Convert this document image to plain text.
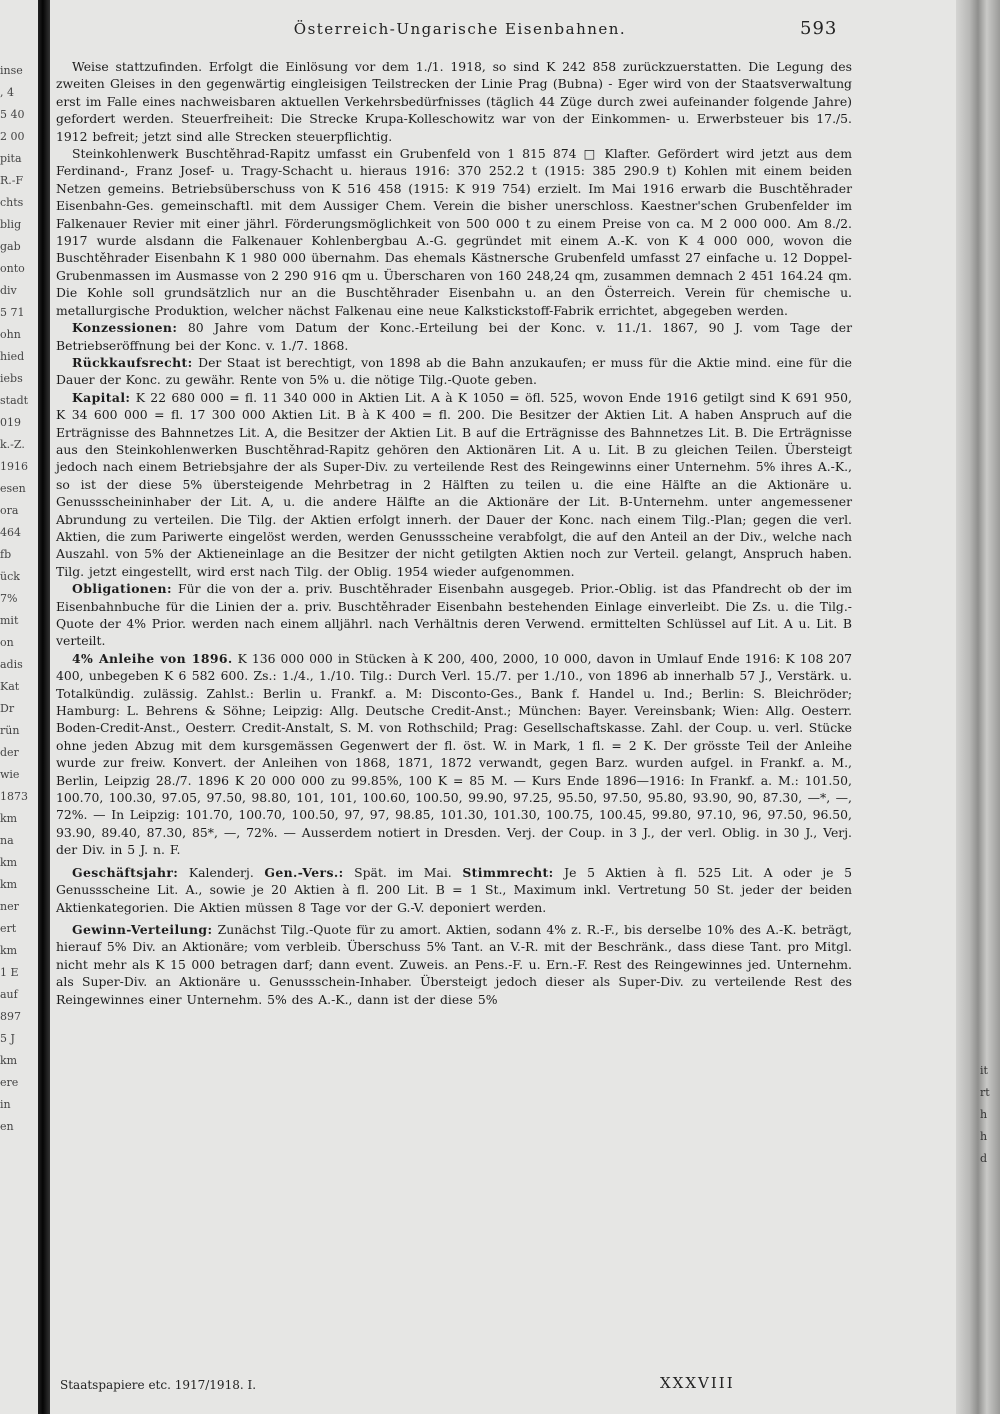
inse
, 4
5 40
2 00
pita
R.-F
chts
blig
gab
onto
div
5 71
ohn
hied
iebs
stadt
019
k.-Z.
1916
esen
ora
464
fb
ück
7%
mit
on
adis
Kat
Dr
rün
der
wie
1873
km
na
km
km
ner
ert
km
1 E
auf
897
5 J
km
ere
in
en
it
rt
h
h
d
Österreich-Ungarische Eisenbahnen.	593

Weise stattzufinden. Erfolgt die Einlösung vor dem 1./1. 1918, so sind K 242 858 zurückzuerstatten. Die Legung des zweiten Gleises in den gegenwärtig eingleisigen Teilstrecken der Linie Prag (Bubna) - Eger wird von der Staatsverwaltung erst im Falle eines nachweisbaren aktuellen Verkehrsbedürfnisses (täglich 44 Züge durch zwei aufeinander folgende Jahre) gefordert werden. Steuerfreiheit: Die Strecke Krupa-Kolleschowitz war von der Einkommen- u. Erwerbsteuer bis 17./5. 1912 befreit; jetzt sind alle Strecken steuerpflichtig.

Steinkohlenwerk Buschtěhrad-Rapitz umfasst ein Grubenfeld von 1 815 874 □ Klafter. Gefördert wird jetzt aus dem Ferdinand-, Franz Josef- u. Tragy-Schacht u. hieraus 1916: 370 252.2 t (1915: 385 290.9 t) Kohlen mit einem beiden Netzen gemeins. Betriebsüberschuss von K 516 458 (1915: K 919 754) erzielt. Im Mai 1916 erwarb die Buschtěhrader Eisenbahn-Ges. gemeinschaftl. mit dem Aussiger Chem. Verein die bisher unerschloss. Kaestner'schen Grubenfelder im Falkenauer Revier mit einer jährl. Förderungsmöglichkeit von 500 000 t zu einem Preise von ca. M 2 000 000. Am 8./2. 1917 wurde alsdann die Falkenauer Kohlenbergbau A.-G. gegründet mit einem A.-K. von K 4 000 000, wovon die Buschtěhrader Eisenbahn K 1 980 000 übernahm. Das ehemals Kästnersche Grubenfeld umfasst 27 einfache u. 12 Doppel-Grubenmassen im Ausmasse von 2 290 916 qm u. Überscharen von 160 248,24 qm, zusammen demnach 2 451 164.24 qm. Die Kohle soll grundsätzlich nur an die Buschtěhrader Eisenbahn u. an den Österreich. Verein für chemische u. metallurgische Produktion, welcher nächst Falkenau eine neue Kalkstickstoff-Fabrik errichtet, abgegeben werden.

Konzessionen: 80 Jahre vom Datum der Konc.-Erteilung bei der Konc. v. 11./1. 1867, 90 J. vom Tage der Betriebseröffnung bei der Konc. v. 1./7. 1868.

Rückkaufsrecht: Der Staat ist berechtigt, von 1898 ab die Bahn anzukaufen; er muss für die Aktie mind. eine für die Dauer der Konc. zu gewähr. Rente von 5% u. die nötige Tilg.-Quote geben.

Kapital: K 22 680 000 = fl. 11 340 000 in Aktien Lit. A à K 1050 = öfl. 525, wovon Ende 1916 getilgt sind K 691 950, K 34 600 000 = fl. 17 300 000 Aktien Lit. B à K 400 = fl. 200. Die Besitzer der Aktien Lit. A haben Anspruch auf die Erträgnisse des Bahnnetzes Lit. A, die Besitzer der Aktien Lit. B auf die Erträgnisse des Bahnnetzes Lit. B. Die Erträgnisse aus den Steinkohlenwerken Buschtěhrad-Rapitz gehören den Aktionären Lit. A u. Lit. B zu gleichen Teilen. Übersteigt jedoch nach einem Betriebsjahre der als Super-Div. zu verteilende Rest des Reingewinns einer Unternehm. 5% ihres A.-K., so ist der diese 5% übersteigende Mehrbetrag in 2 Hälften zu teilen u. die eine Hälfte an die Aktionäre u. Genussscheininhaber der Lit. A, u. die andere Hälfte an die Aktionäre der Lit. B-Unternehm. unter angemessener Abrundung zu verteilen. Die Tilg. der Aktien erfolgt innerh. der Dauer der Konc. nach einem Tilg.-Plan; gegen die verl. Aktien, die zum Pariwerte eingelöst werden, werden Genussscheine verabfolgt, die auf den Anteil an der Div., welche nach Auszahl. von 5% der Aktieneinlage an die Besitzer der nicht getilgten Aktien noch zur Verteil. gelangt, Anspruch haben. Tilg. jetzt eingestellt, wird erst nach Tilg. der Oblig. 1954 wieder aufgenommen.

Obligationen: Für die von der a. priv. Buschtěhrader Eisenbahn ausgegeb. Prior.-Oblig. ist das Pfandrecht ob der im Eisenbahnbuche für die Linien der a. priv. Buschtěhrader Eisenbahn bestehenden Einlage einverleibt. Die Zs. u. die Tilg.-Quote der 4% Prior. werden nach einem alljährl. nach Verhältnis deren Verwend. ermittelten Schlüssel auf Lit. A u. Lit. B verteilt.

4% Anleihe von 1896. K 136 000 000 in Stücken à K 200, 400, 2000, 10 000, davon in Umlauf Ende 1916: K 108 207 400, unbegeben K 6 582 600. Zs.: 1./4., 1./10. Tilg.: Durch Verl. 15./7. per 1./10., von 1896 ab innerhalb 57 J., Verstärk. u. Totalkündig. zulässig. Zahlst.: Berlin u. Frankf. a. M: Disconto-Ges., Bank f. Handel u. Ind.; Berlin: S. Bleichröder; Hamburg: L. Behrens & Söhne; Leipzig: Allg. Deutsche Credit-Anst.; München: Bayer. Vereinsbank; Wien: Allg. Oesterr. Boden-Credit-Anst., Oesterr. Credit-Anstalt, S. M. von Rothschild; Prag: Gesellschaftskasse. Zahl. der Coup. u. verl. Stücke ohne jeden Abzug mit dem kursgemässen Gegenwert der fl. öst. W. in Mark, 1 fl. = 2 K. Der grösste Teil der Anleihe wurde zur freiw. Konvert. der Anleihen von 1868, 1871, 1872 verwandt, gegen Barz. wurden aufgel. in Frankf. a. M., Berlin, Leipzig 28./7. 1896 K 20 000 000 zu 99.85%, 100 K = 85 M. — Kurs Ende 1896—1916: In Frankf. a. M.: 101.50, 100.70, 100.30, 97.05, 97.50, 98.80, 101, 101, 100.60, 100.50, 99.90, 97.25, 95.50, 97.50, 95.80, 93.90, 90, 87.30, —*, —, 72%. — In Leipzig: 101.70, 100.70, 100.50, 97, 97, 98.85, 101.30, 101.30, 100.75, 100.45, 99.80, 97.10, 96, 97.50, 96.50, 93.90, 89.40, 87.30, 85*, —, 72%. — Ausserdem notiert in Dresden. Verj. der Coup. in 3 J., der verl. Oblig. in 30 J., Verj. der Div. in 5 J. n. F.

Geschäftsjahr: Kalenderj. Gen.-Vers.: Spät. im Mai. Stimmrecht: Je 5 Aktien à fl. 525 Lit. A oder je 5 Genussscheine Lit. A., sowie je 20 Aktien à fl. 200 Lit. B = 1 St., Maximum inkl. Vertretung 50 St. jeder der beiden Aktienkategorien. Die Aktien müssen 8 Tage vor der G.-V. deponiert werden.

Gewinn-Verteilung: Zunächst Tilg.-Quote für zu amort. Aktien, sodann 4% z. R.-F., bis derselbe 10% des A.-K. beträgt, hierauf 5% Div. an Aktionäre; vom verbleib. Überschuss 5% Tant. an V.-R. mit der Beschränk., dass diese Tant. pro Mitgl. nicht mehr als K 15 000 betragen darf; dann event. Zuweis. an Pens.-F. u. Ern.-F. Rest des Reingewinnes jed. Unternehm. als Super-Div. an Aktionäre u. Genussschein-Inhaber. Übersteigt jedoch dieser als Super-Div. zu verteilende Rest des Reingewinnes einer Unternehm. 5% des A.-K., dann ist der diese 5%

Staatspapiere etc. 1917/1918. I.	XXXVIII
